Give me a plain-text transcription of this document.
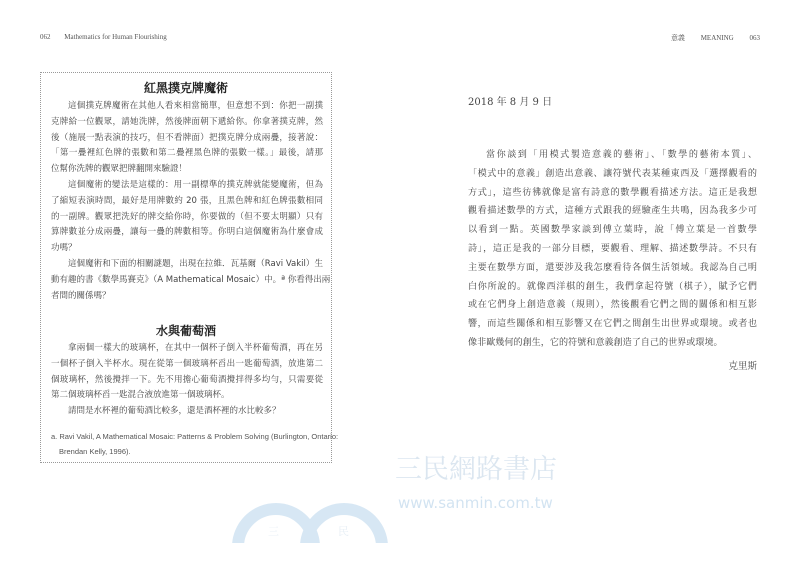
062 Mathematics for Human Flourishing	意義 MEANING 063
紅黑撲克牌魔術
這個撲克牌魔術在其他人看來相當簡單，但意想不到：你把一副撲
克牌給一位觀眾，請她洗牌，然後牌面朝下遞給你。你拿著撲克牌，然
後（施展一點表演的技巧，但不看牌面）把撲克牌分成兩疊，接著說：
「第一疊裡紅色牌的張數和第二疊裡黑色牌的張數一樣。」最後，請那
位幫你洗牌的觀眾把牌翻開來驗證！
這個魔術的變法是這樣的：用一副標準的撲克牌就能變魔術，但為
了縮短表演時間，最好是用牌數約 20 張，且黑色牌和紅色牌張數相同
的一副牌。觀眾把洗好的牌交給你時，你要做的（但不要太明顯）只有
算牌數並分成兩疊，讓每一疊的牌數相等。你明白這個魔術為什麼會成
功嗎？
這個魔術和下面的相關謎題，出現在拉維．瓦基爾（Ravi Vakil）生
動有趣的書《數學馬賽克》（A Mathematical Mosaic）中。ª 你看得出兩
者間的關係嗎？
水與葡萄酒
拿兩個一樣大的玻璃杯，在其中一個杯子倒入半杯葡萄酒，再在另
一個杯子倒入半杯水。現在從第一個玻璃杯舀出一匙葡萄酒，放進第二
個玻璃杯，然後攪拌一下。先不用擔心葡萄酒攪拌得多均勻，只需要從
第二個玻璃杯舀一匙混合液放進第一個玻璃杯。
請問是水杯裡的葡萄酒比較多，還是酒杯裡的水比較多？
a. Ravi Vakil, A Mathematical Mosaic: Patterns & Problem Solving (Burlington, Ontario:
Brendan Kelly, 1996).
2018 年 8 月 9 日
當你談到「用模式製造意義的藝術」、「數學的藝術本質」、
「模式中的意義」創造出意義、讓符號代表某種東西及「選擇觀看的
方式」，這些彷彿就像是富有詩意的數學觀看描述方法。這正是我想
觀看描述數學的方式，這種方式跟我的經驗產生共鳴，因為我多少可
以看到一點。英國數學家談到傅立葉時，說「傅立葉是一首數學
詩」，這正是我的一部分目標，要觀看、理解、描述數學詩。不只有
主要在數學方面，還要涉及我怎麼看待各個生活領域。我認為自己明
白你所說的。就像西洋棋的創生，我們拿起符號（棋子），賦予它們
或在它們身上創造意義（規則），然後觀看它們之間的關係和相互影
響，而這些關係和相互影響又在它們之間創生出世界或環境。或者也
像非歐幾何的創生，它的符號和意義創造了自己的世界或環境。
克里斯
三	民
三民網路書店
www.sanmin.com.tw
